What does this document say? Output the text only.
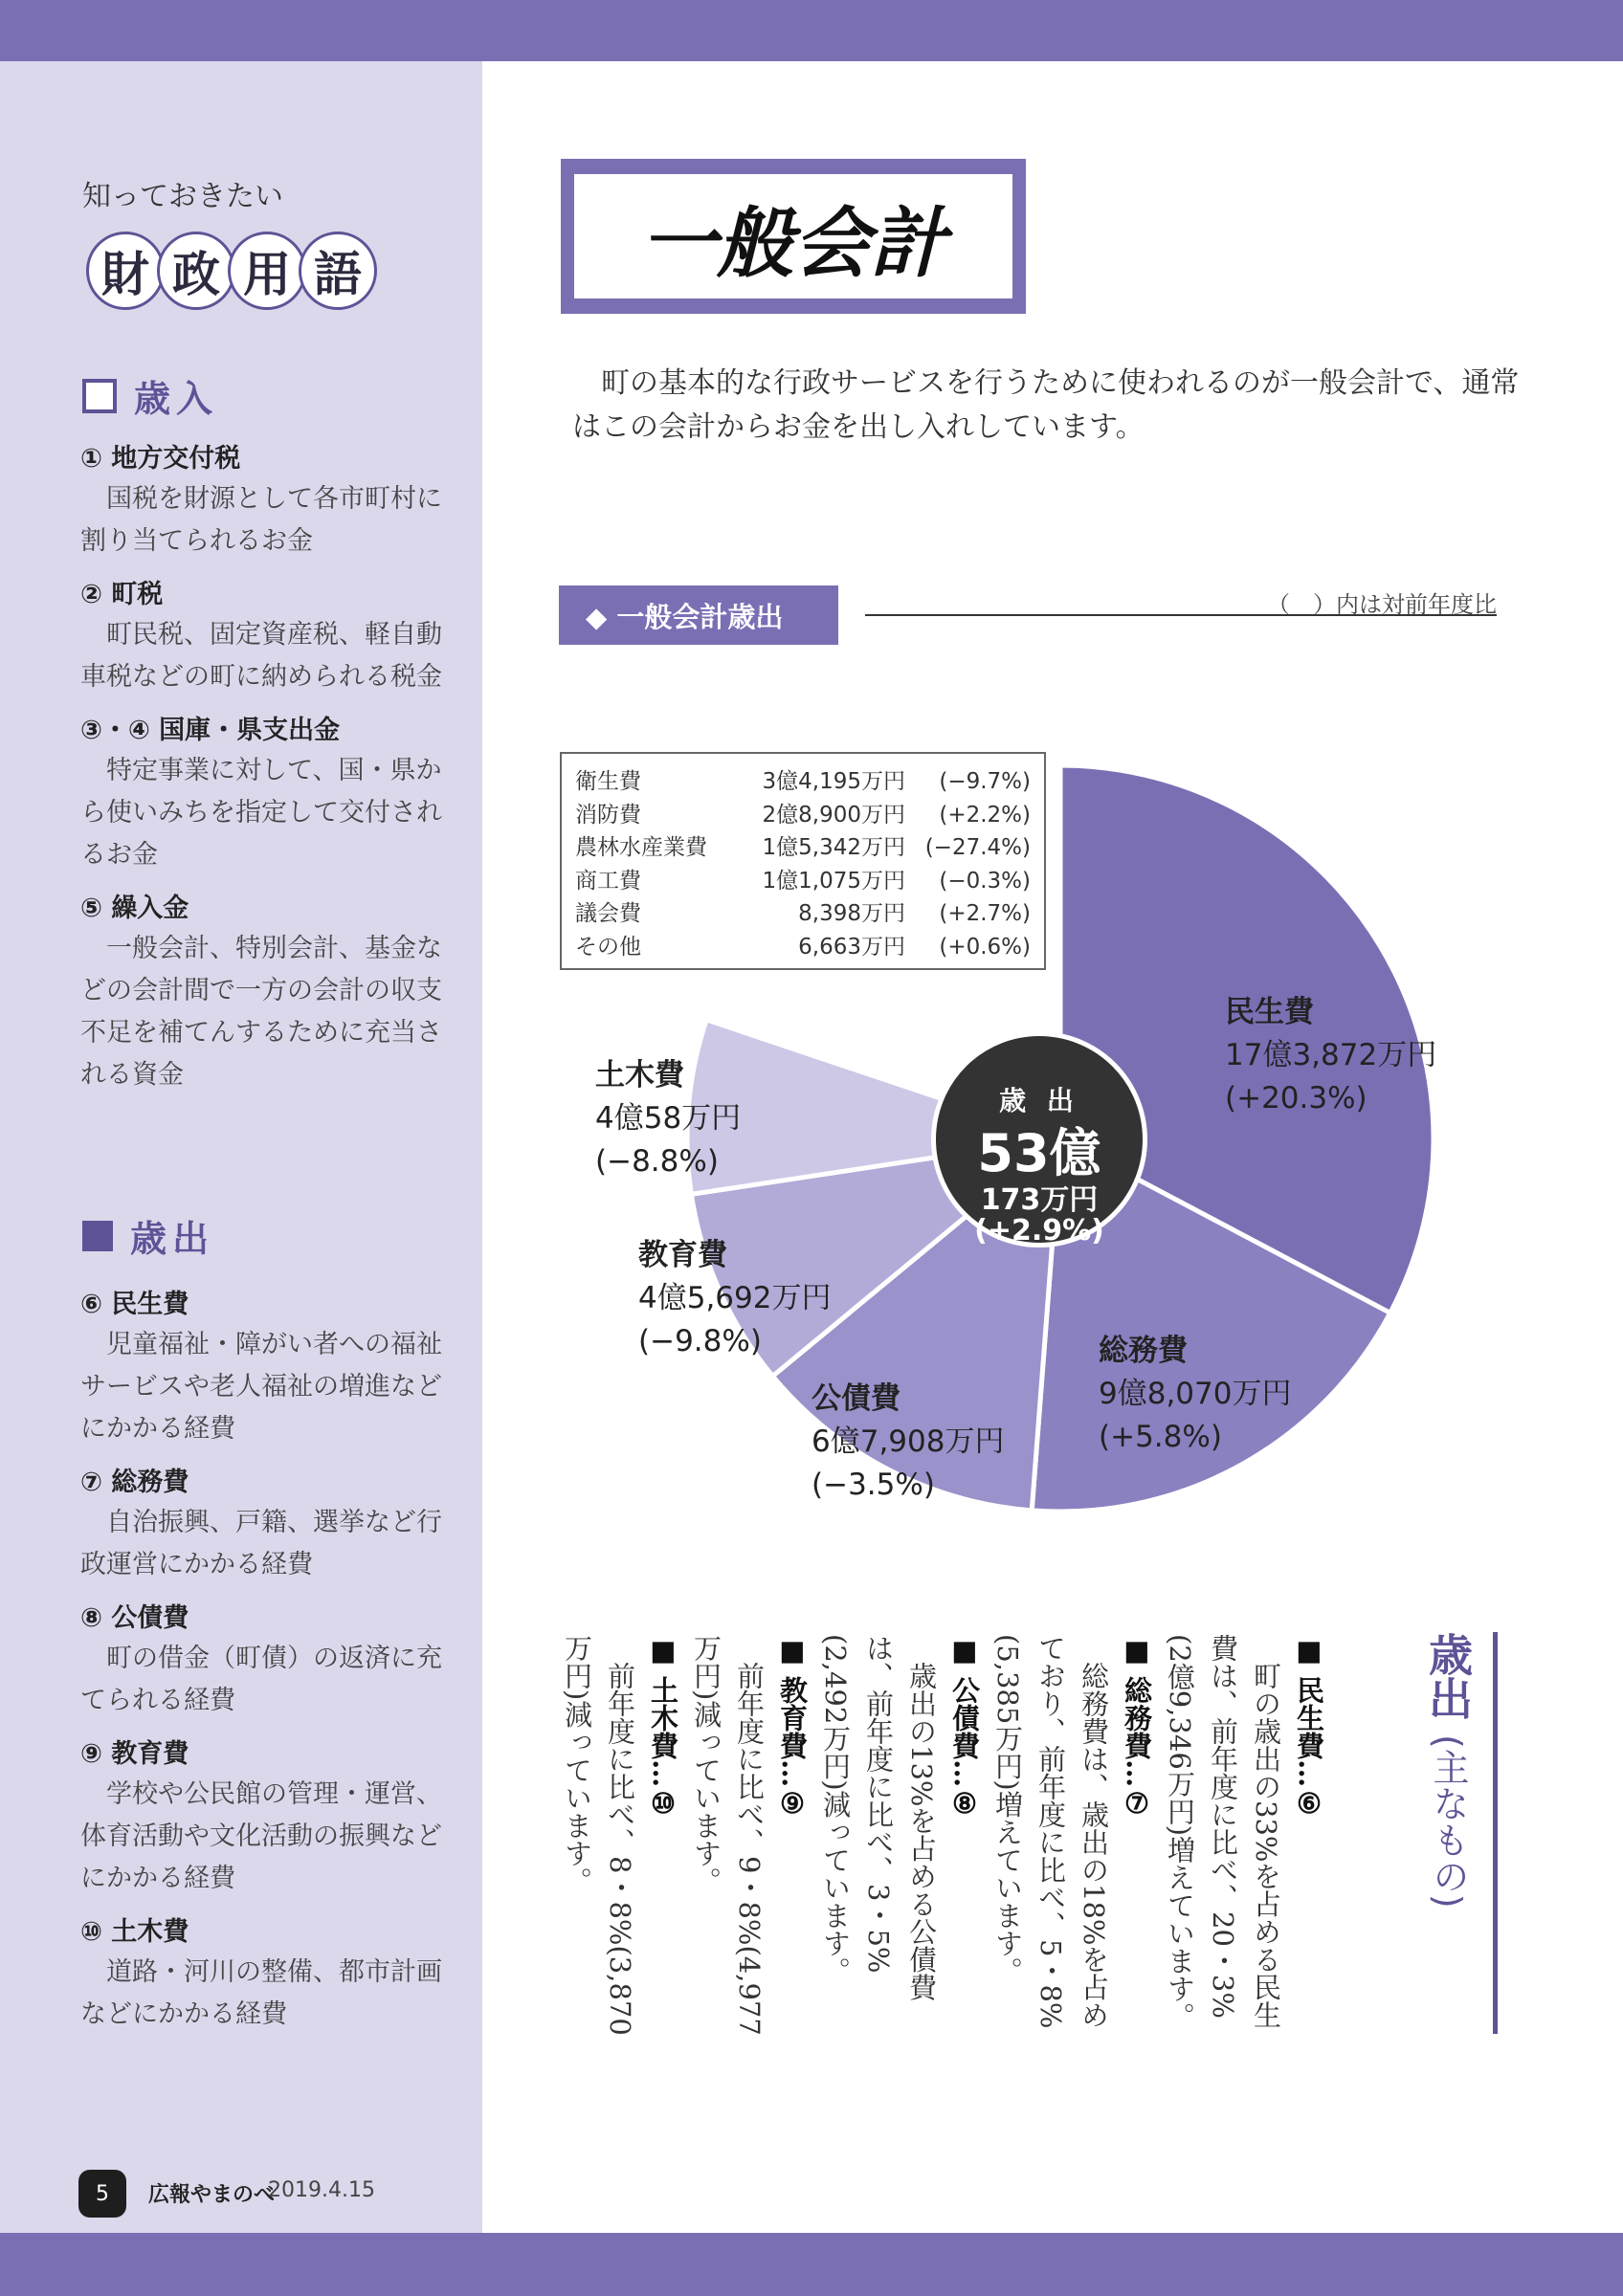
知っておきたい
財 政 用 語
歳入
① 地方交付税
国税を財源として各市町村に割り当てられるお金
② 町税
町民税、固定資産税、軽自動車税などの町に納められる税金
③・④ 国庫・県支出金
特定事業に対して、国・県から使いみちを指定して交付されるお金
⑤ 繰入金
一般会計、特別会計、基金などの会計間で一方の会計の収支不足を補てんするために充当される資金
歳出
⑥ 民生費
児童福祉・障がい者への福祉サービスや老人福祉の増進などにかかる経費
⑦ 総務費
自治振興、戸籍、選挙など行政運営にかかる経費
⑧ 公債費
町の借金（町債）の返済に充てられる経費
⑨ 教育費
学校や公民館の管理・運営、体育活動や文化活動の振興などにかかる経費
⑩ 土木費
道路・河川の整備、都市計画などにかかる経費
5	広報やまのべ
2019.4.15
一般会計
町の基本的な行政サービスを行うために使われるのが一般会計で、通常はこの会計からお金を出し入れしています。
◆ 一般会計歳出	（　）内は対前年度比
衛生費	3億4,195万円	(−9.7%)
消防費	2億8,900万円	(+2.2%)
農林水産業費	1億5,342万円 (−27.4%)
商工費	1億1,075万円	(−0.3%)
議会費	8,398万円	(+2.7%)
その他	6,663万円	(+0.6%)
民生費
17億3,872万円
(+20.3%)
総務費
9億8,070万円
(+5.8%)
公債費
6億7,908万円
(−3.5%)
教育費
4億5,692万円
(−9.8%)
土木費
4億58万円
(−8.8%)
歳 出
53億
173万円
(+2.9%)
歳出 (主なもの)
■ 民生費…⑥
町の歳出の33%を占める民生費は、前年度に比べ、20・3%(2億9,346万円)増えています。
■ 総務費…⑦
総務費は、歳出の18%を占めており、前年度に比べ、5・8%(5,385万円)増えています。
■ 公債費…⑧
歳出の13%を占める公債費は、前年度に比べ、3・5%(2,492万円)減っています。
■ 教育費…⑨
前年度に比べ、9・8%(4,977万円)減っています。
■ 土木費…⑩
前年度に比べ、8・8%(3,870万円)減っています。
